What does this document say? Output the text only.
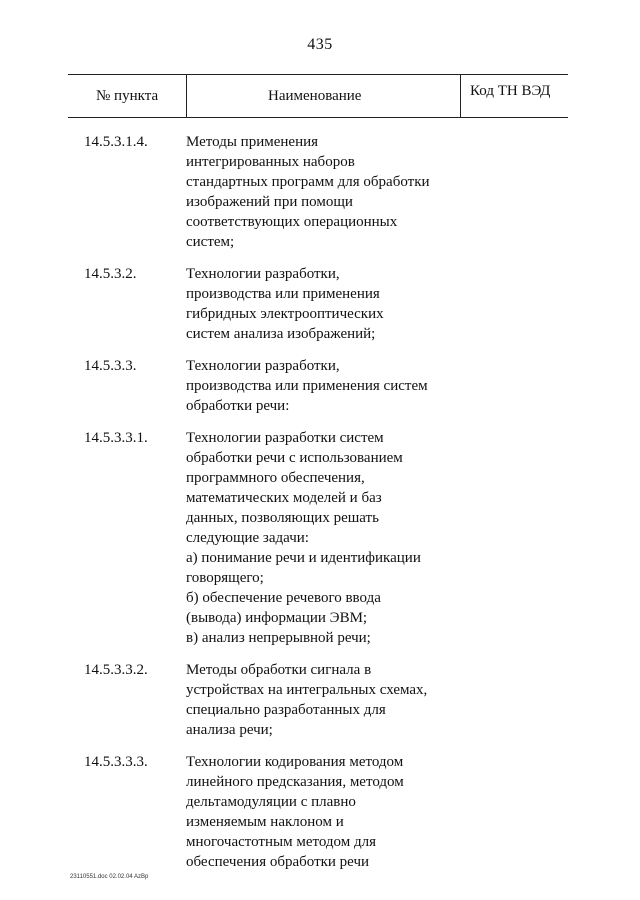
435
№ пункта	Наименование	Код ТН ВЭД
14.5.3.1.4.	Методы применения
интегрированных наборов
стандартных программ для обработки
изображений при помощи
соответствующих операционных
систем;
14.5.3.2.	Технологии разработки,
производства или применения
гибридных электрооптических
систем анализа изображений;
14.5.3.3.	Технологии разработки,
производства или применения систем
обработки речи:
14.5.3.3.1.	Технологии разработки систем
обработки речи с использованием
программного обеспечения,
математических моделей и баз
данных, позволяющих решать
следующие задачи:
а) понимание речи и идентификации
говорящего;
б) обеспечение речевого ввода
(вывода) информации ЭВМ;
в) анализ непрерывной речи;
14.5.3.3.2.	Методы обработки сигнала в
устройствах на интегральных схемах,
специально разработанных для
анализа речи;
14.5.3.3.3.	Технологии кодирования методом
линейного предсказания, методом
дельтамодуляции с плавно
изменяемым наклоном и
многочастотным методом для
обеспечения обработки речи
23110551.doc 02.02.04 AzBp
